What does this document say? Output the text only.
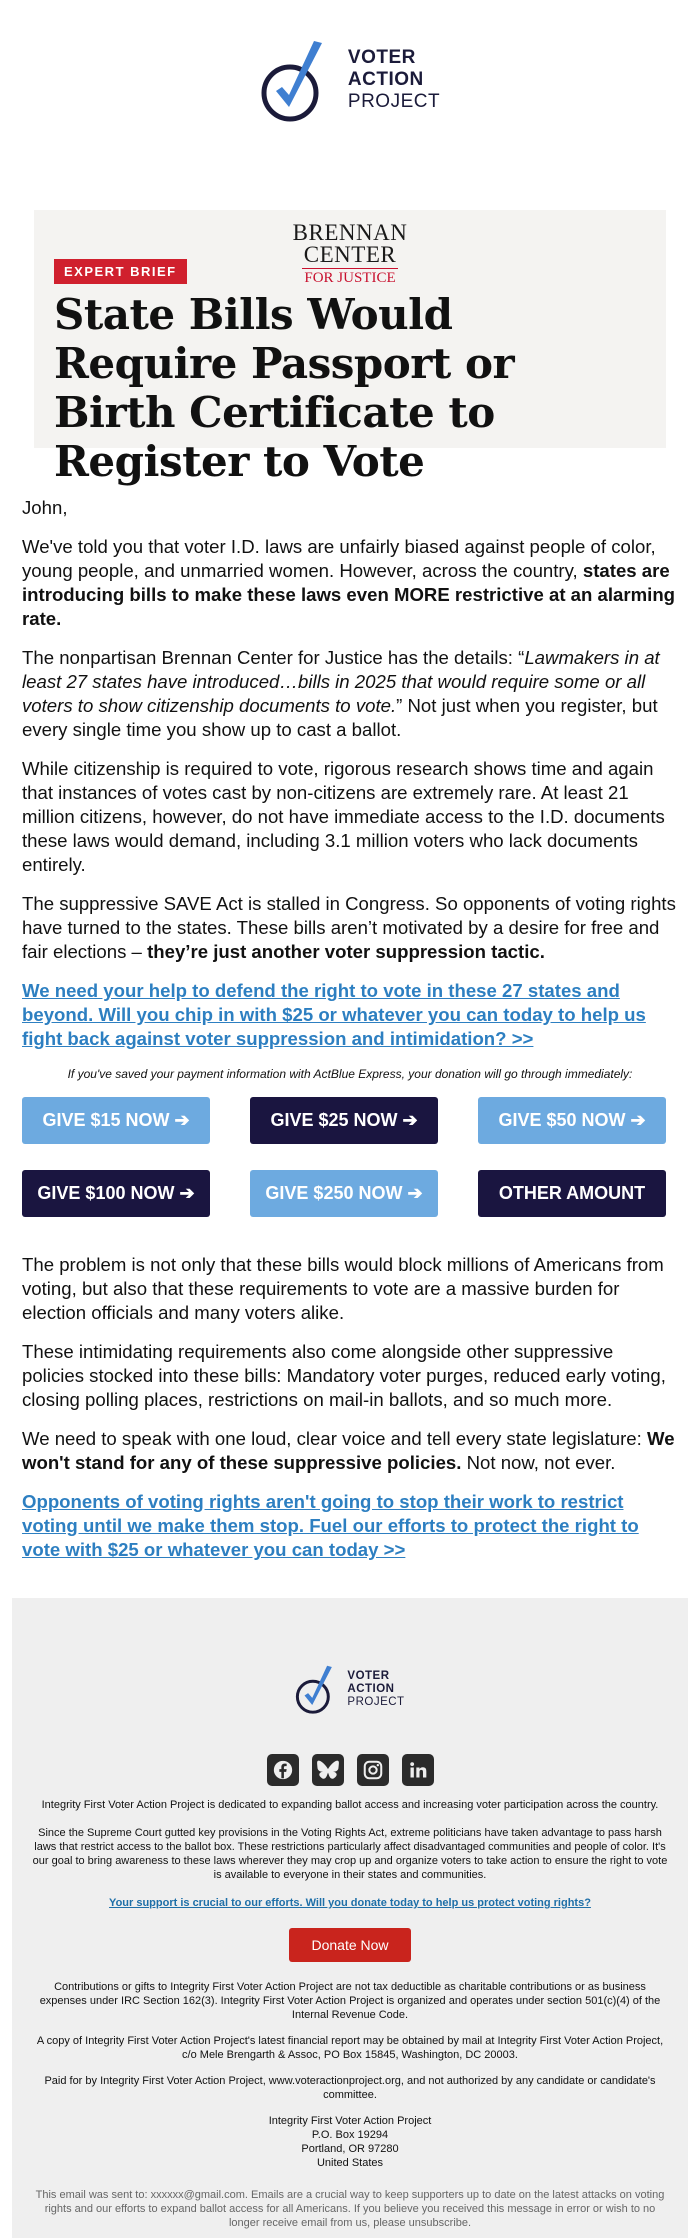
VOTER
ACTION
PROJECT
BRENNAN
CENTER
FOR JUSTICE
EXPERT BRIEF
State Bills Would Require Passport or Birth Certificate to Register to Vote

John,

We've told you that voter I.D. laws are unfairly biased against people of color, young people, and unmarried women. However, across the country, states are introducing bills to make these laws even MORE restrictive at an alarming rate.

The nonpartisan Brennan Center for Justice has the details: “Lawmakers in at least 27 states have introduced…bills in 2025 that would require some or all voters to show citizenship documents to vote.” Not just when you register, but every single time you show up to cast a ballot.

While citizenship is required to vote, rigorous research shows time and again that instances of votes cast by non-citizens are extremely rare. At least 21 million citizens, however, do not have immediate access to the I.D. documents these laws would demand, including 3.1 million voters who lack documents entirely.

The suppressive SAVE Act is stalled in Congress. So opponents of voting rights have turned to the states. These bills aren’t motivated by a desire for free and fair elections – they’re just another voter suppression tactic.

We need your help to defend the right to vote in these 27 states and beyond. Will you chip in with $25 or whatever you can today to help us fight back against voter suppression and intimidation? >>

If you've saved your payment information with ActBlue Express, your donation will go through immediately:

GIVE $15 NOW ➔	GIVE $25 NOW ➔	GIVE $50 NOW ➔
GIVE $100 NOW ➔	GIVE $250 NOW ➔	OTHER AMOUNT

The problem is not only that these bills would block millions of Americans from voting, but also that these requirements to vote are a massive burden for election officials and many voters alike.

These intimidating requirements also come alongside other suppressive policies stocked into these bills: Mandatory voter purges, reduced early voting, closing polling places, restrictions on mail-in ballots, and so much more.

We need to speak with one loud, clear voice and tell every state legislature: We won't stand for any of these suppressive policies. Not now, not ever.

Opponents of voting rights aren't going to stop their work to restrict voting until we make them stop. Fuel our efforts to protect the right to vote with $25 or whatever you can today >>

VOTER
ACTION
PROJECT

Integrity First Voter Action Project is dedicated to expanding ballot access and increasing voter participation across the country.

Since the Supreme Court gutted key provisions in the Voting Rights Act, extreme politicians have taken advantage to pass harsh laws that restrict access to the ballot box. These restrictions particularly affect disadvantaged communities and people of color. It's our goal to bring awareness to these laws wherever they may crop up and organize voters to take action to ensure the right to vote is available to everyone in their states and communities.

Your support is crucial to our efforts. Will you donate today to help us protect voting rights?

Donate Now

Contributions or gifts to Integrity First Voter Action Project are not tax deductible as charitable contributions or as business expenses under IRC Section 162(3). Integrity First Voter Action Project is organized and operates under section 501(c)(4) of the Internal Revenue Code.

A copy of Integrity First Voter Action Project's latest financial report may be obtained by mail at Integrity First Voter Action Project, c/o Mele Brengarth & Assoc, PO Box 15845, Washington, DC 20003.

Paid for by Integrity First Voter Action Project, www.voteractionproject.org, and not authorized by any candidate or candidate's committee.

Integrity First Voter Action Project
P.O. Box 19294
Portland, OR 97280
United States

This email was sent to: xxxxxx@gmail.com. Emails are a crucial way to keep supporters up to date on the latest attacks on voting rights and our efforts to expand ballot access for all Americans. If you believe you received this message in error or wish to no longer receive email from us, please unsubscribe.
